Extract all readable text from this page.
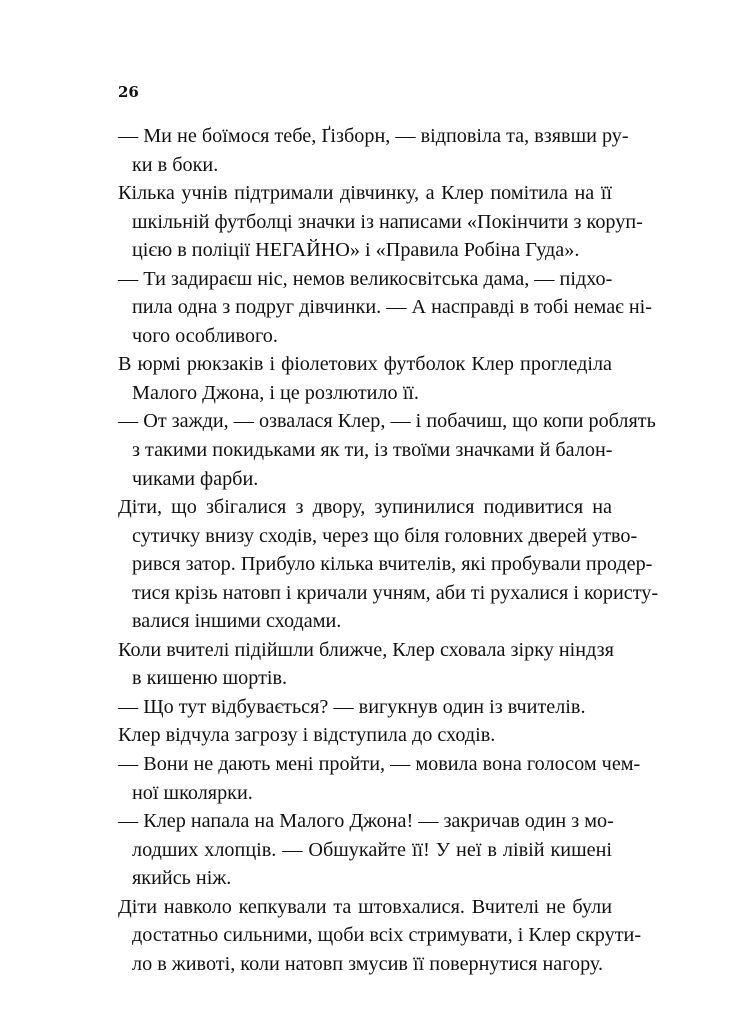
26
— Ми не боїмося тебе, Ґізборн, — відповіла та, взявши ру-
ки в боки.
Кілька учнів підтримали дівчинку, а Клер помітила на її
шкільній футболці значки із написами «Покінчити з коруп-
цією в поліції НЕГАЙНО» і «Правила Робіна Гуда».
— Ти задираєш ніс, немов великосвітська дама, — підхо-
пила одна з подруг дівчинки. — А насправді в тобі немає ні-
чого особливого.
В юрмі рюкзаків і фіолетових футболок Клер прогледіла
Малого Джона, і це розлютило її.
— От зажди, — озвалася Клер, — і побачиш, що копи роблять
з такими покидьками як ти, із твоїми значками й балон-
чиками фарби.
Діти, що збігалися з двору, зупинилися подивитися на
сутичку внизу сходів, через що біля головних дверей утво-
рився затор. Прибуло кілька вчителів, які пробували продер-
тися крізь натовп і кричали учням, аби ті рухалися і користу-
валися іншими сходами.
Коли вчителі підійшли ближче, Клер сховала зірку ніндзя
в кишеню шортів.
— Що тут відбувається? — вигукнув один із вчителів.
Клер відчула загрозу і відступила до сходів.
— Вони не дають мені пройти, — мовила вона голосом чем-
ної школярки.
— Клер напала на Малого Джона! — закричав один з мо-
лодших хлопців. — Обшукайте її! У неї в лівій кишені
якийсь ніж.
Діти навколо кепкували та штовхалися. Вчителі не були
достатньо сильними, щоби всіх стримувати, і Клер скрути-
ло в животі, коли натовп змусив її повернутися нагору.
